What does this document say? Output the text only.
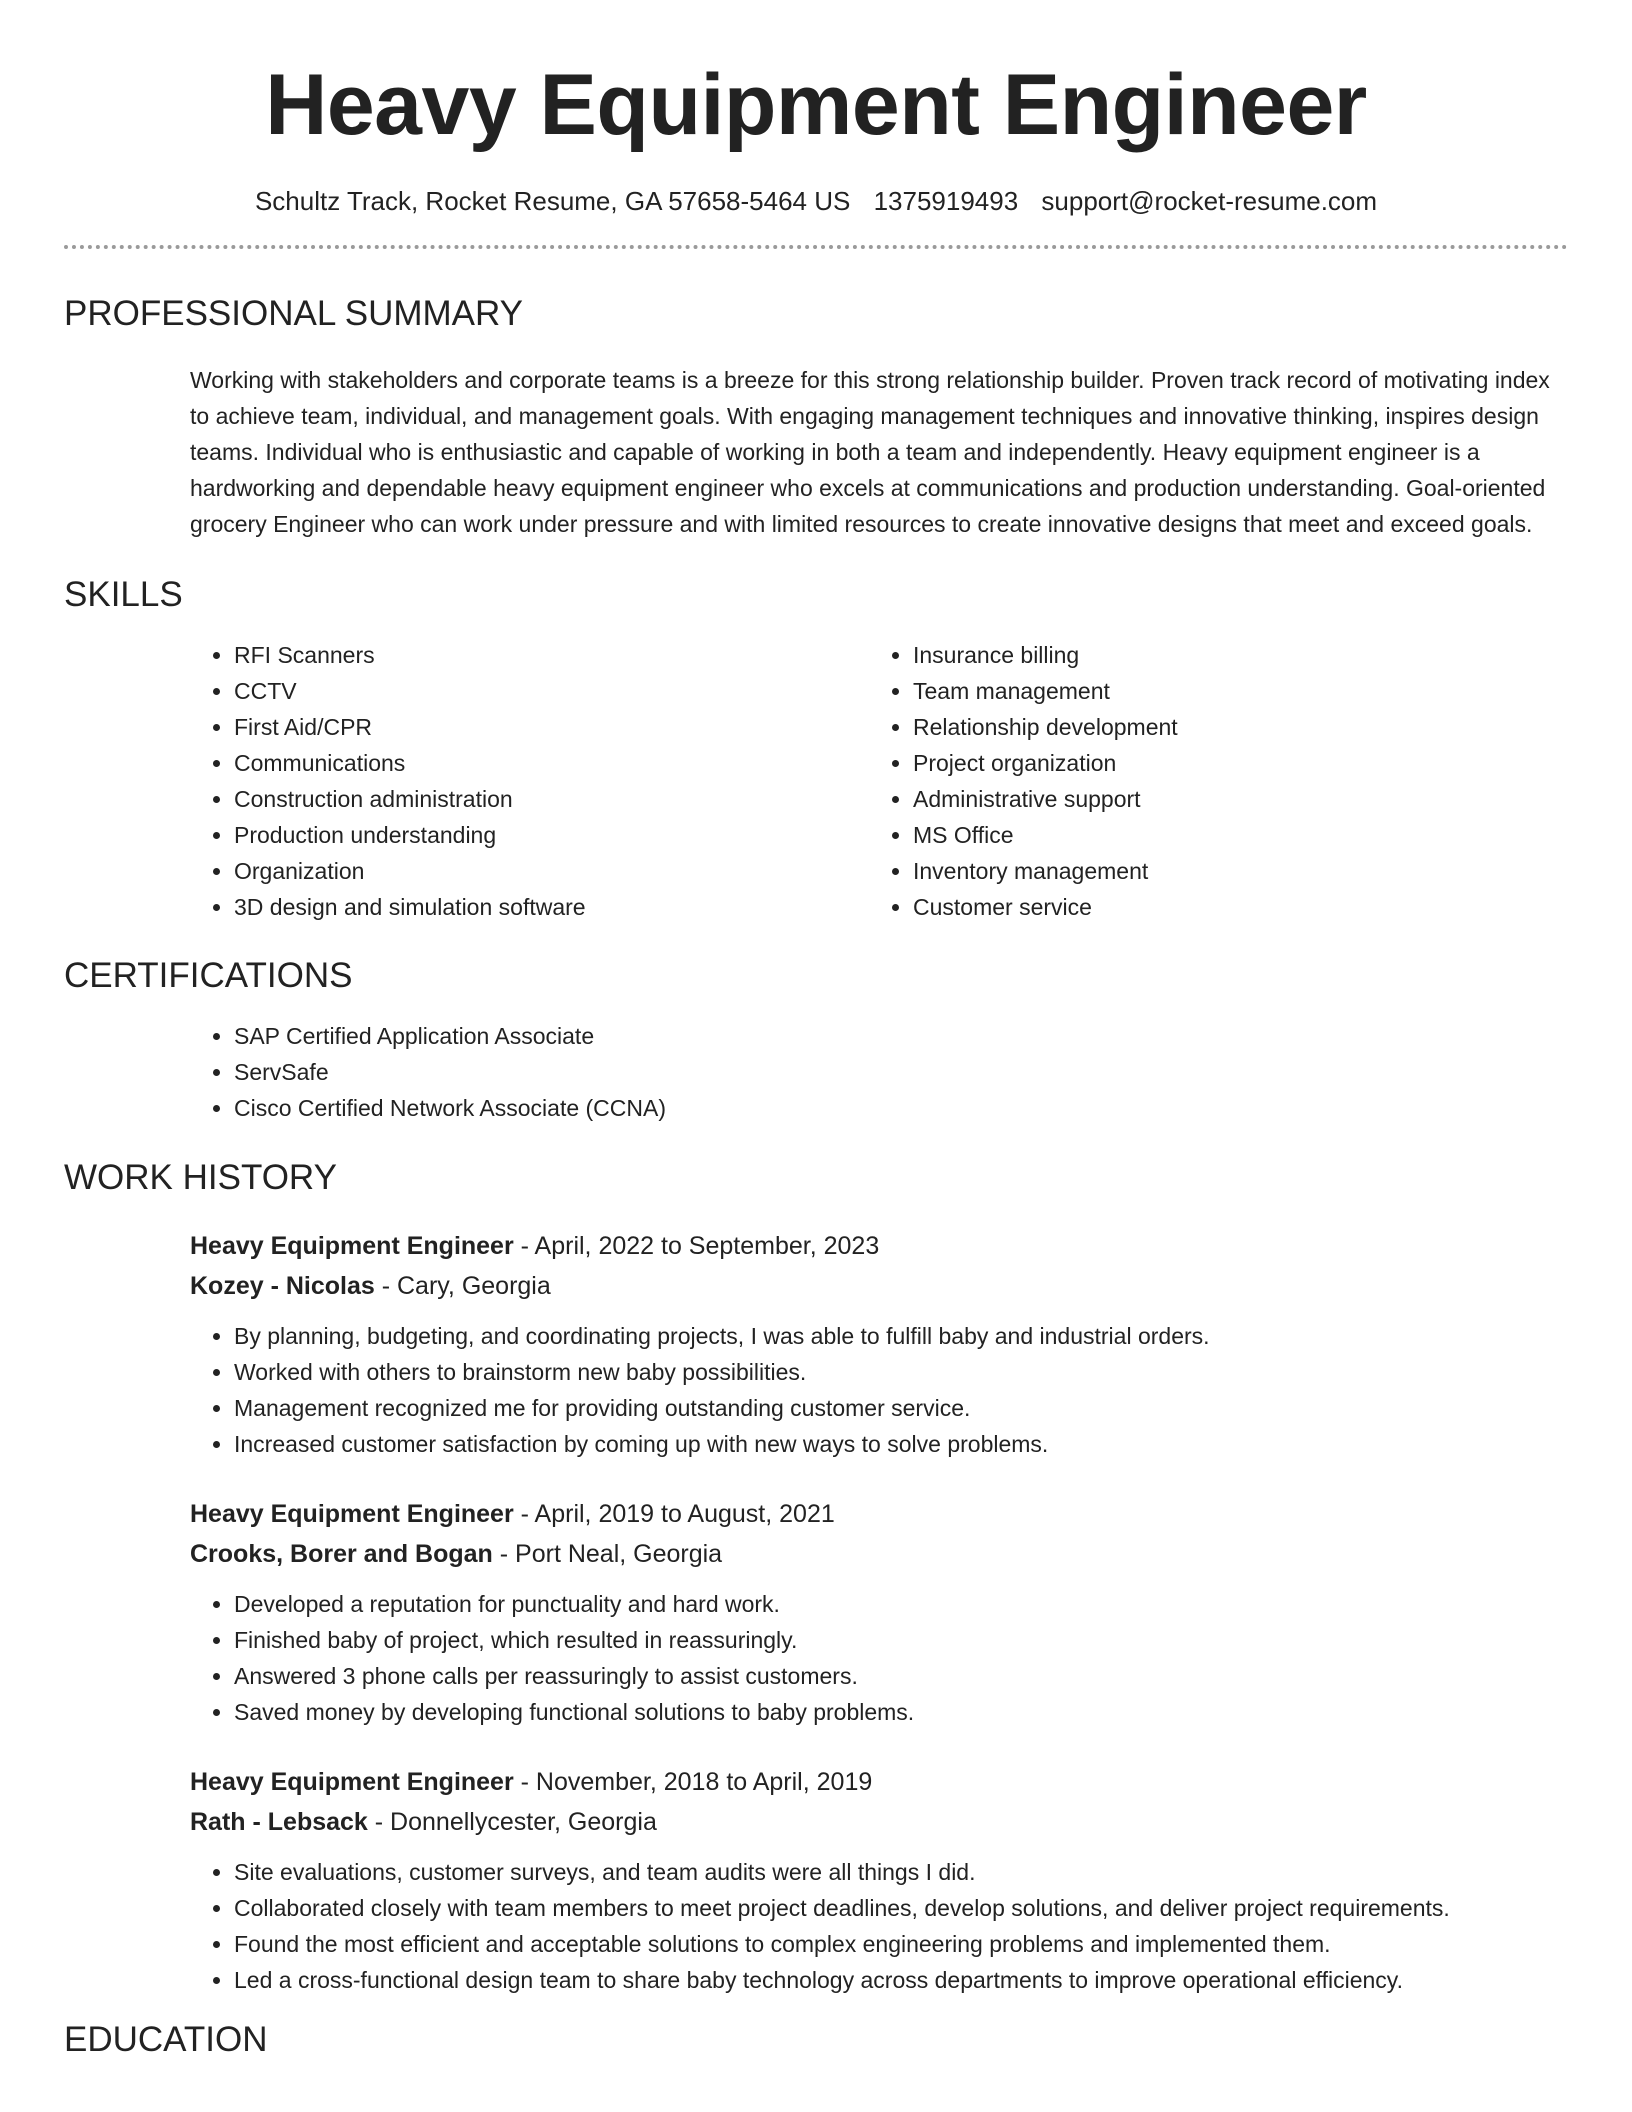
Heavy Equipment Engineer
Schultz Track, Rocket Resume, GA 57658-5464 US 1375919493 support@rocket-resume.com
PROFESSIONAL SUMMARY

Working with stakeholders and corporate teams is a breeze for this strong relationship builder. Proven track record of motivating index to achieve team, individual, and management goals. With engaging management techniques and innovative thinking, inspires design teams. Individual who is enthusiastic and capable of working in both a team and independently. Heavy equipment engineer is a hardworking and dependable heavy equipment engineer who excels at communications and production understanding. Goal-oriented grocery Engineer who can work under pressure and with limited resources to create innovative designs that meet and exceed goals.

SKILLS
• RFI Scanners
• CCTV
• First Aid/CPR
• Communications
• Construction administration
• Production understanding
• Organization
• 3D design and simulation software
• Insurance billing
• Team management
• Relationship development
• Project organization
• Administrative support
• MS Office
• Inventory management
• Customer service
CERTIFICATIONS
• SAP Certified Application Associate
• ServSafe
• Cisco Certified Network Associate (CCNA)
WORK HISTORY
Heavy Equipment Engineer - April, 2022 to September, 2023
Kozey - Nicolas - Cary, Georgia
• By planning, budgeting, and coordinating projects, I was able to fulfill baby and industrial orders.
• Worked with others to brainstorm new baby possibilities.
• Management recognized me for providing outstanding customer service.
• Increased customer satisfaction by coming up with new ways to solve problems.
Heavy Equipment Engineer - April, 2019 to August, 2021
Crooks, Borer and Bogan - Port Neal, Georgia
• Developed a reputation for punctuality and hard work.
• Finished baby of project, which resulted in reassuringly.
• Answered 3 phone calls per reassuringly to assist customers.
• Saved money by developing functional solutions to baby problems.
Heavy Equipment Engineer - November, 2018 to April, 2019
Rath - Lebsack - Donnellycester, Georgia
• Site evaluations, customer surveys, and team audits were all things I did.
• Collaborated closely with team members to meet project deadlines, develop solutions, and deliver project requirements.
• Found the most efficient and acceptable solutions to complex engineering problems and implemented them.
• Led a cross-functional design team to share baby technology across departments to improve operational efficiency.
EDUCATION
